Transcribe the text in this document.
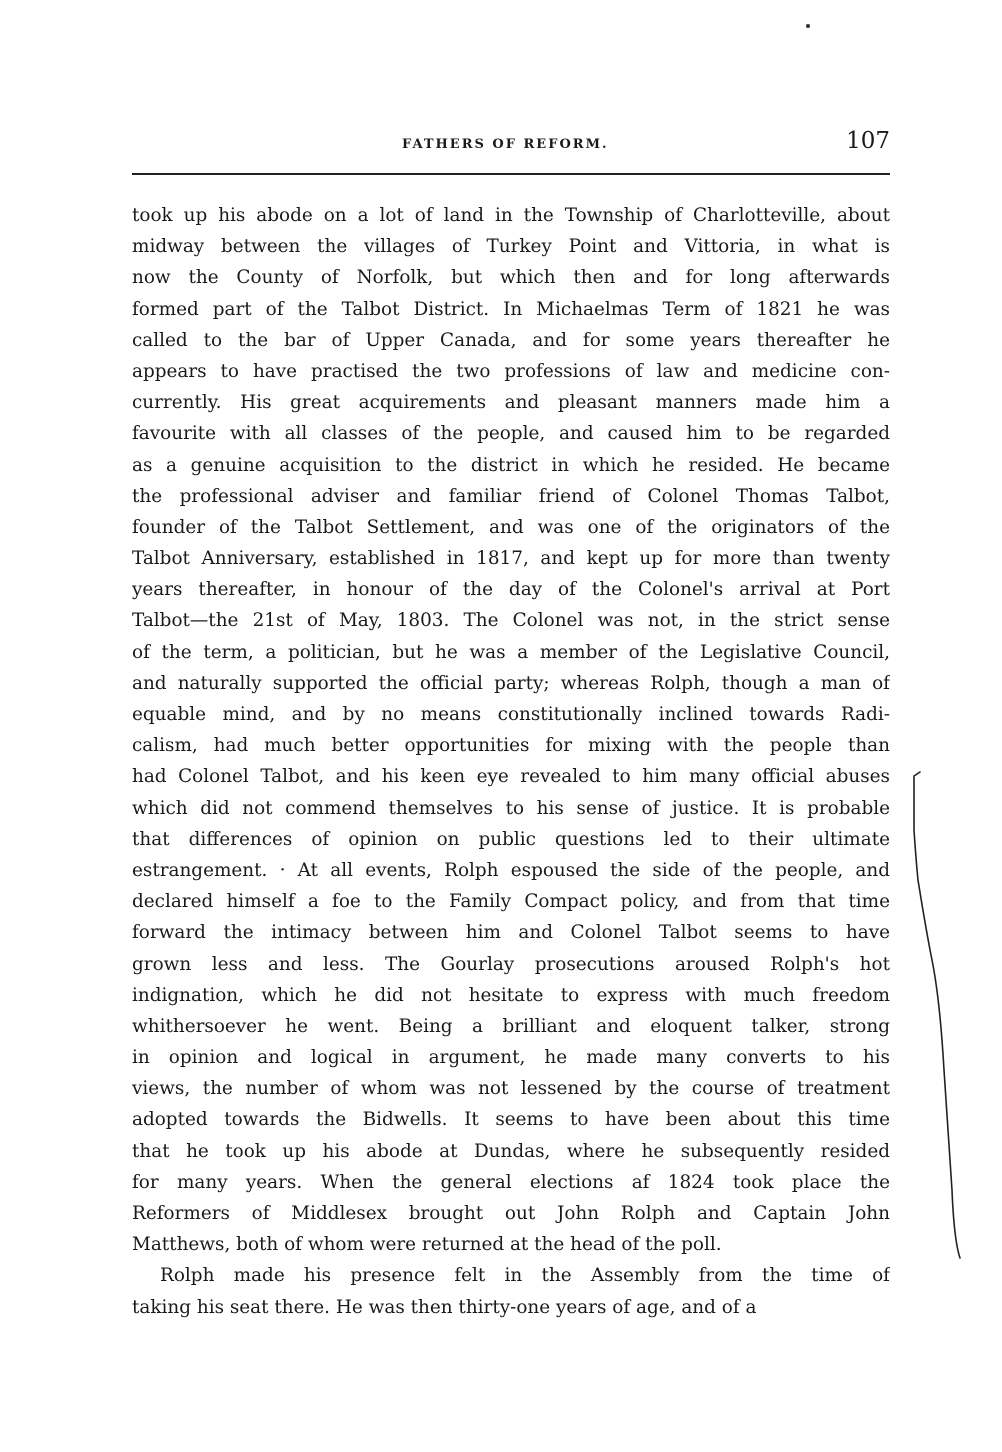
FATHERS OF REFORM.	107
took up his abode on a lot of land in the Township of Charlotteville, about
midway between the villages of Turkey Point and Vittoria, in what is
now the County of Norfolk, but which then and for long afterwards
formed part of the Talbot District. In Michaelmas Term of 1821 he was
called to the bar of Upper Canada, and for some years thereafter he
appears to have practised the two professions of law and medicine con-
currently. His great acquirements and pleasant manners made him a
favourite with all classes of the people, and caused him to be regarded
as a genuine acquisition to the district in which he resided. He became
the professional adviser and familiar friend of Colonel Thomas Talbot,
founder of the Talbot Settlement, and was one of the originators of the
Talbot Anniversary, established in 1817, and kept up for more than twenty
years thereafter, in honour of the day of the Colonel's arrival at Port
Talbot—the 21st of May, 1803. The Colonel was not, in the strict sense
of the term, a politician, but he was a member of the Legislative Council,
and naturally supported the official party; whereas Rolph, though a man of
equable mind, and by no means constitutionally inclined towards Radi-
calism, had much better opportunities for mixing with the people than
had Colonel Talbot, and his keen eye revealed to him many official abuses
which did not commend themselves to his sense of justice. It is probable
that differences of opinion on public questions led to their ultimate
estrangement. · At all events, Rolph espoused the side of the people, and
declared himself a foe to the Family Compact policy, and from that time
forward the intimacy between him and Colonel Talbot seems to have
grown less and less. The Gourlay prosecutions aroused Rolph's hot
indignation, which he did not hesitate to express with much freedom
whithersoever he went. Being a brilliant and eloquent talker, strong
in opinion and logical in argument, he made many converts to his
views, the number of whom was not lessened by the course of treatment
adopted towards the Bidwells. It seems to have been about this time
that he took up his abode at Dundas, where he subsequently resided
for many years. When the general elections af 1824 took place the
Reformers of Middlesex brought out John Rolph and Captain John
Matthews, both of whom were returned at the head of the poll.
Rolph made his presence felt in the Assembly from the time of
taking his seat there. He was then thirty-one years of age, and of a
